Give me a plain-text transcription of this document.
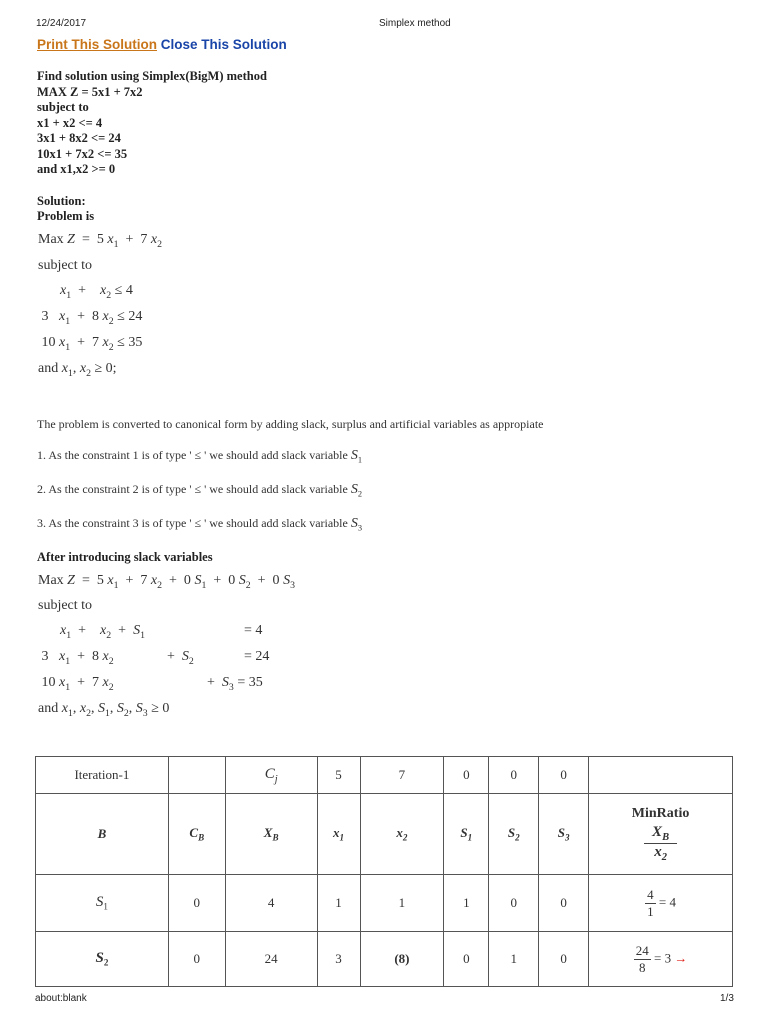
12/24/2017	Simplex method
Print This Solution Close This Solution
Find solution using Simplex(BigM) method
MAX Z = 5x1 + 7x2
subject to
x1 + x2 <= 4
3x1 + 8x2 <= 24
10x1 + 7x2 <= 35
and x1,x2 >= 0
Solution:
Problem is
Max Z  =  5 $x_1 + 7$ $x_2$
subject to
$x_1$  +    $x_2 \le 4$
3   $x_1 + 8$ $x_2 \le 24$
10 $x_1 + 7$ $x_2 \le 35$
and $x_1$, $x_2 \ge 0$;
The problem is converted to canonical form by adding slack, surplus and artificial variables as appropiate
1. As the constraint 1 is of type ' ≤ ' we should add slack variable $S_1$
2. As the constraint 2 is of type ' ≤ ' we should add slack variable $S_2$
3. As the constraint 3 is of type ' ≤ ' we should add slack variable $S_3$
After introducing slack variables
Max Z  =  5 $x_1 + 7$ $x_2 + 0$ $S_1 + 0$ $S_2 + 0$ $S_3$
subject to
$x_1$  +    $x_2 + S_1$	= 4
3   $x_1 + 8$ $x_2$	+  $S_2$	= 24
10 $x_1 + 7$ $x_2$	+  $S_3 = 35$
and $x_1$, $x_2$, $S_1$, $S_2$, $S_3 \ge 0$
Iteration-1		$C_j$	5	7	0	0	0	
B	$C_B$	$X_B$	$x_1$	$x_2$	$S_1$	$S_2$	$S_3$	MinRatio
$\frac{X_B}{x_2}$

$S_1$	0	4	1	1	1	0	0	$\frac{4}{1} = 4$
$S_2$	0	24	3	(8)	0	1	0	$\frac{24}{8} = 3$ →
about:blank	1/3
